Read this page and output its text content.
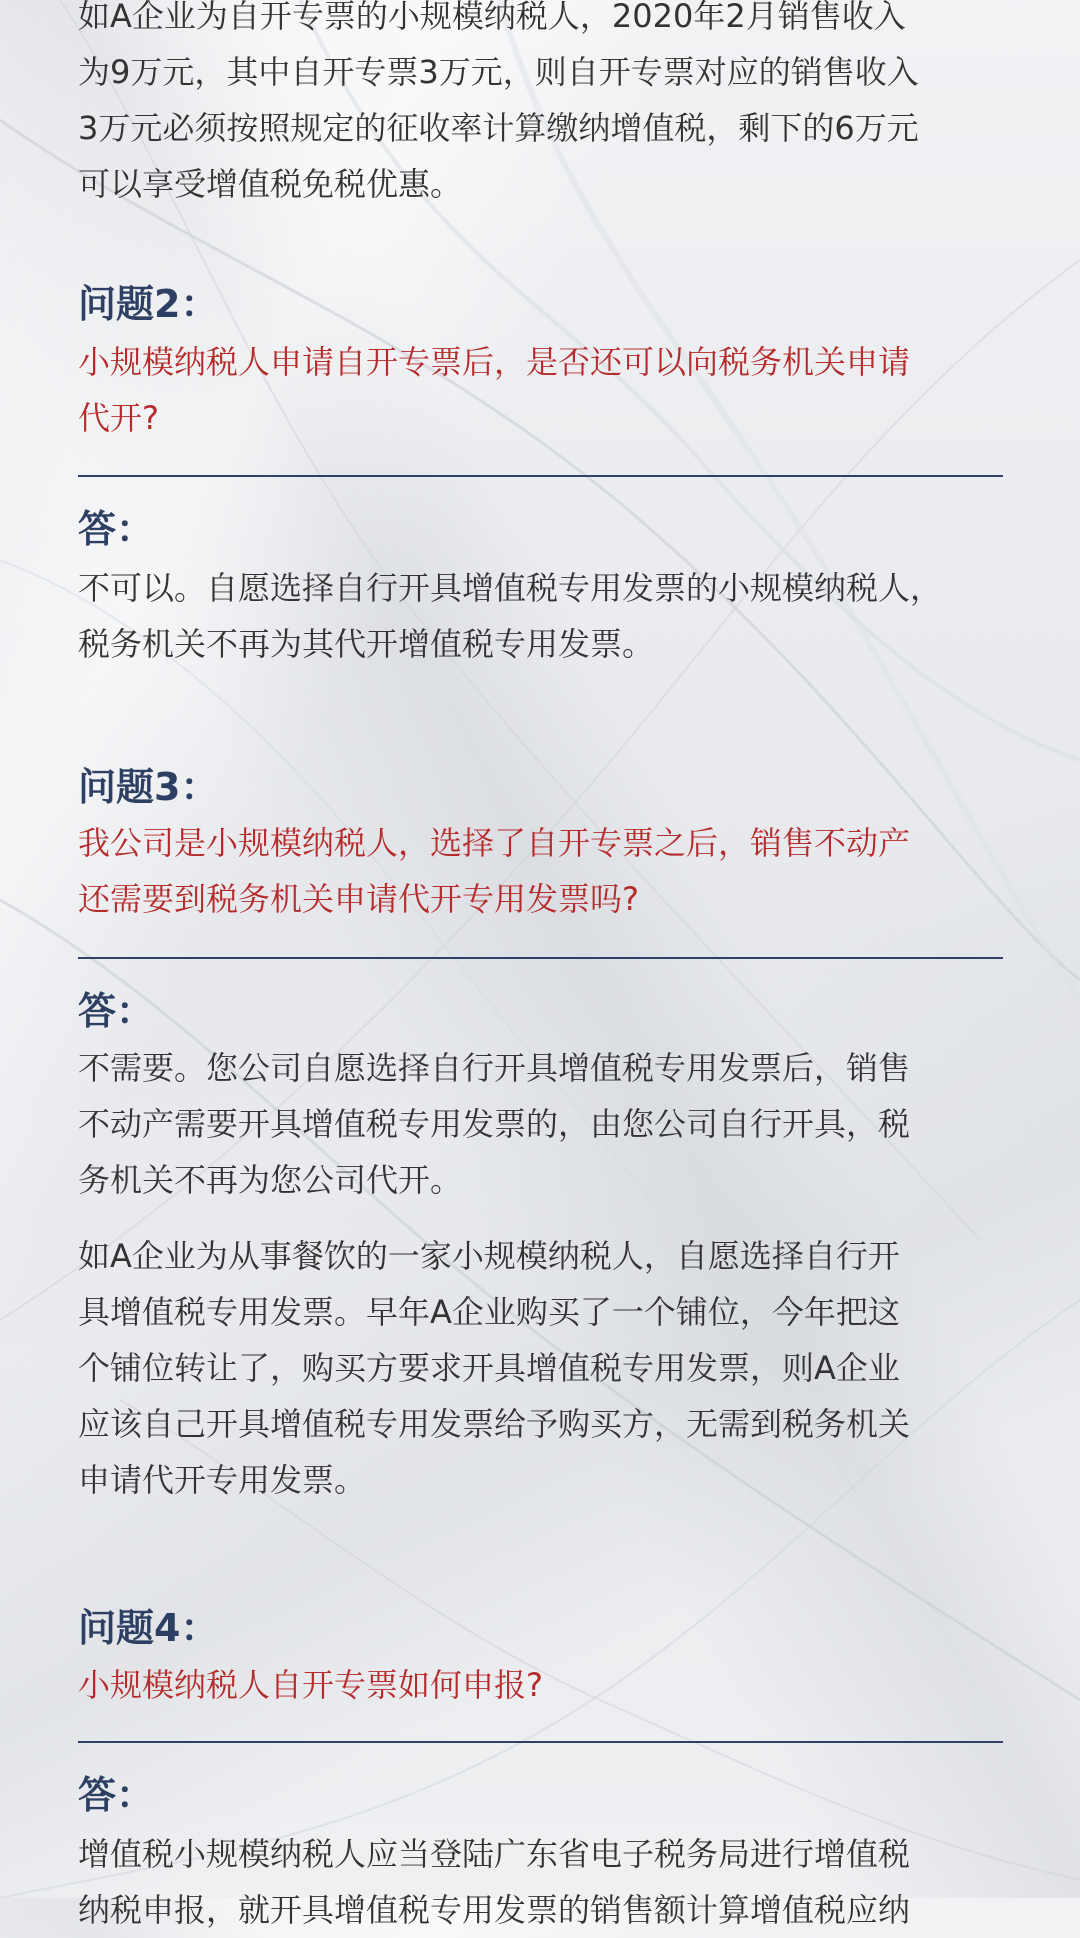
如A企业为自开专票的小规模纳税人，2020年2月销售收入
为9万元，其中自开专票3万元，则自开专票对应的销售收入
3万元必须按照规定的征收率计算缴纳增值税，剩下的6万元
可以享受增值税免税优惠。

问题2：

小规模纳税人申请自开专票后，是否还可以向税务机关申请
代开?

答：

不可以。自愿选择自行开具增值税专用发票的小规模纳税人，
税务机关不再为其代开增值税专用发票。

问题3：

我公司是小规模纳税人，选择了自开专票之后，销售不动产
还需要到税务机关申请代开专用发票吗?

答：

不需要。您公司自愿选择自行开具增值税专用发票后，销售
不动产需要开具增值税专用发票的，由您公司自行开具，税
务机关不再为您公司代开。

如A企业为从事餐饮的一家小规模纳税人，自愿选择自行开
具增值税专用发票。早年A企业购买了一个铺位，今年把这
个铺位转让了，购买方要求开具增值税专用发票，则A企业
应该自己开具增值税专用发票给予购买方，无需到税务机关
申请代开专用发票。

问题4：

小规模纳税人自开专票如何申报?

答：

增值税小规模纳税人应当登陆广东省电子税务局进行增值税
纳税申报，就开具增值税专用发票的销售额计算增值税应纳
